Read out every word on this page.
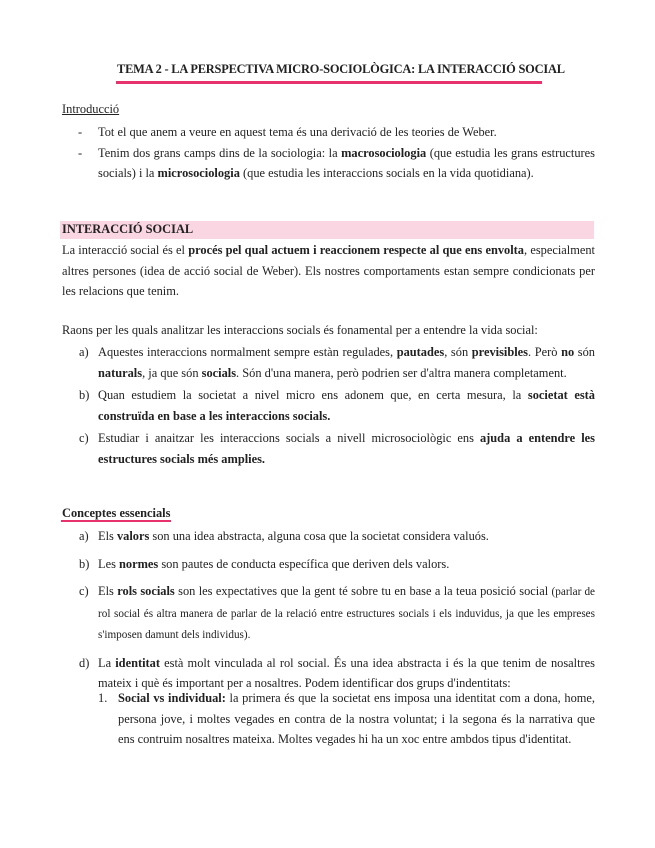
TEMA 2 - LA PERSPECTIVA MICRO-SOCIOLÒGICA: LA INTERACCIÓ SOCIAL
Introducció
- Tot el que anem a veure en aquest tema és una derivació de les teories de Weber.
- Tenim dos grans camps dins de la sociologia: la macrosociologia (que estudia les grans estructures socials) i la microsociologia (que estudia les interaccions socials en la vida quotidiana).
INTERACCIÓ SOCIAL

La interacció social és el procés pel qual actuem i reaccionem respecte al que ens envolta, especialment altres persones (idea de acció social de Weber). Els nostres comportaments estan sempre condicionats per les relacions que tenim.

Raons per les quals analitzar les interaccions socials és fonamental per a entendre la vida social:

a) Aquestes interaccions normalment sempre estàn regulades, pautades, són previsibles. Però no són naturals, ja que són socials. Són d'una manera, però podrien ser d'altra manera completament.
b) Quan estudiem la societat a nivel micro ens adonem que, en certa mesura, la societat està construïda en base a les interaccions socials.
c) Estudiar i anaitzar les interaccions socials a nivell microsociològic ens ajuda a entendre les estructures socials més amplies.
Conceptes essencials
a) Els valors son una idea abstracta, alguna cosa que la societat considera valuós.
b) Les normes son pautes de conducta específica que deriven dels valors.
c) Els rols socials son les expectatives que la gent té sobre tu en base a la teua posició social (parlar de rol social és altra manera de parlar de la relació entre estructures socials i els induvidus, ja que les empreses s'imposen damunt dels individus).
d) La identitat està molt vinculada al rol social. És una idea abstracta i és la que tenim de nosaltres mateix i què és important per a nosaltres. Podem identificar dos grups d'indentitats:
1. Social vs individual: la primera és que la societat ens imposa una identitat com a dona, home, persona jove, i moltes vegades en contra de la nostra voluntat; i la segona és la narrativa que ens contruim nosaltres mateixa. Moltes vegades hi ha un xoc entre ambdos tipus d'identitat.
